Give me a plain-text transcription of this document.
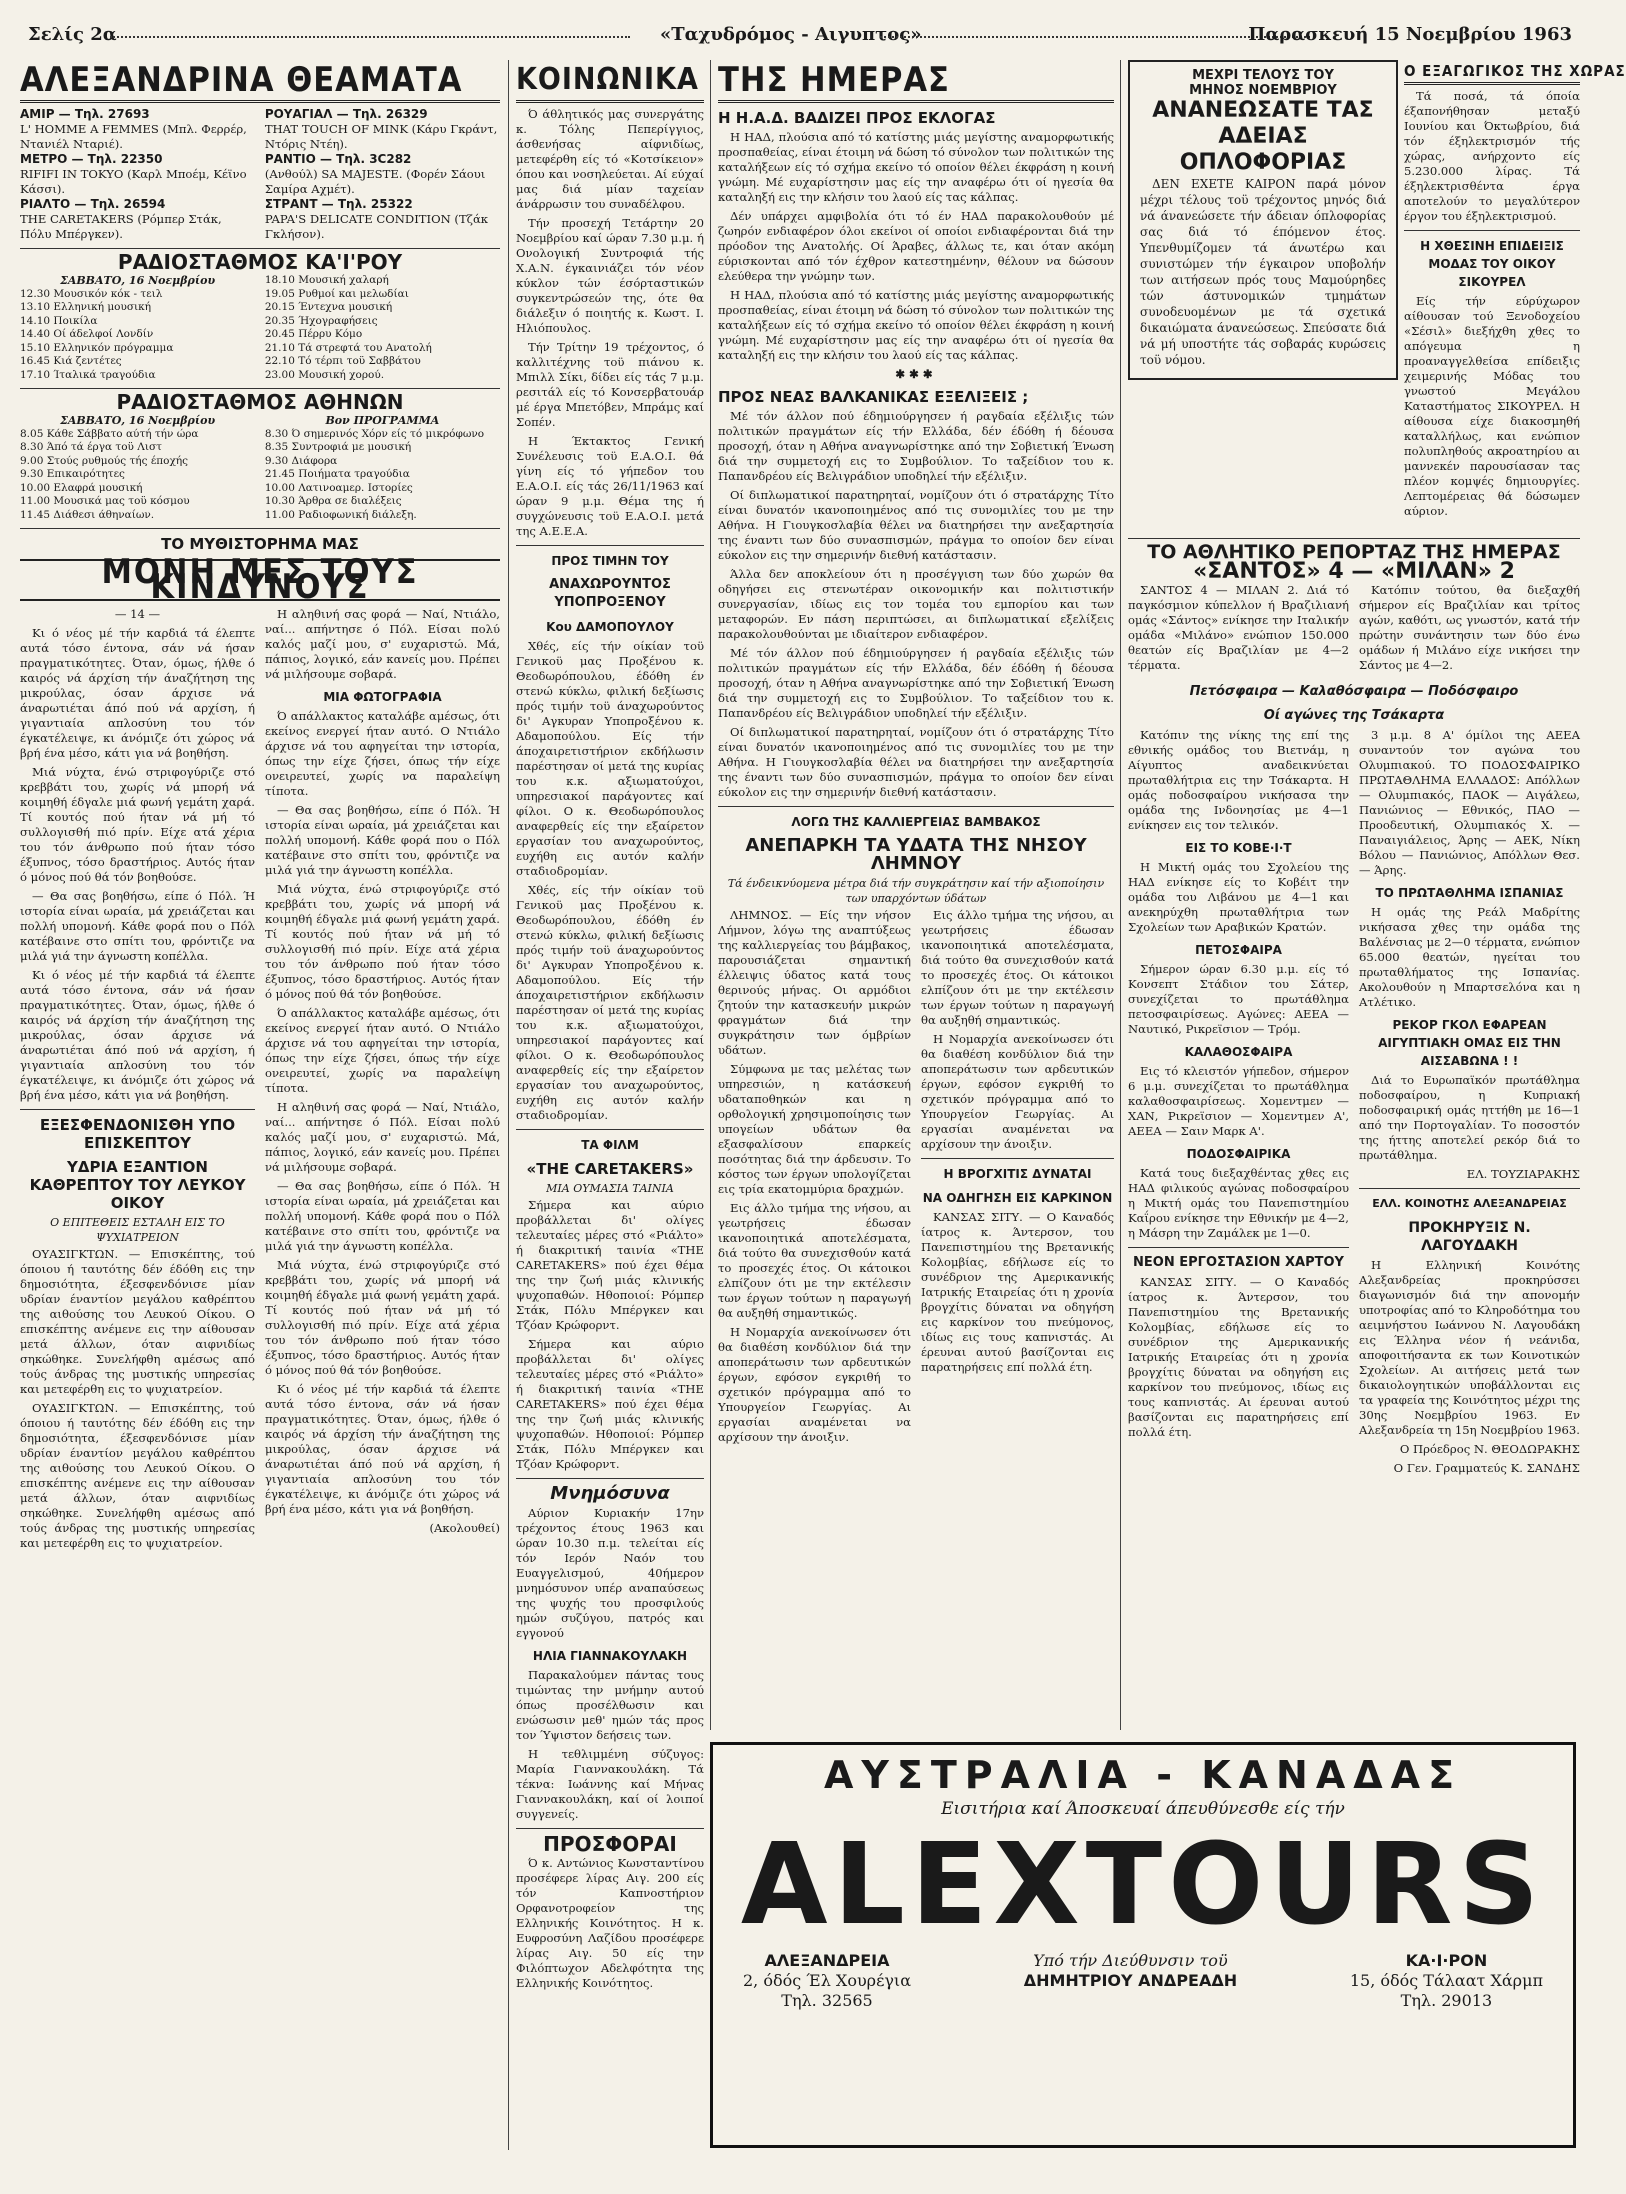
Σελίς 2α	«Ταχυδρόμος - Αιγυπτος»	Παρασκευή 15 Νοεμβρίου 1963
ΑΛΕΞΑΝΔΡΙΝΑ ΘΕΑΜΑΤΑ
ΑΜΙΡ — Τηλ. 27693
L' HOMME A FEMMES (Μπλ. Φερρέρ, Ντανιέλ Νταριέ).
ΜΕΤΡΟ — Τηλ. 22350
RIFIFI IN TOKYO (Καρλ Μποέμ, Κέϊνο Κάσσι).
ΡΙΑΛΤΟ — Τηλ. 26594
THE CARETAKERS (Ρόμπερ Στάκ, Πόλυ Μπέργκεν).
ΡΟΥΑΓΙΑΛ — Τηλ. 26329
THAT TOUCH OF MINK (Κάρυ Γκράντ, Ντόρις Ντέη).
ΡΑΝΤΙΟ — Τηλ. 3C282
(Ανθούλ) SA MAJESTE. (Φορέν Σάουι Σαμίρα Αχμέτ).
ΣΤΡΑΝΤ — Τηλ. 25322
PAPA'S DELICATE CONDITION (Τζάκ Γκλήσον).
ΡΑΔΙΟΣΤΑΘΜΟΣ ΚΑ'Ι'ΡΟΥ
ΣΑΒΒΑΤΟ, 16 Νοεμβρίου
12.30 Μουσικόν κόκ - τειλ
13.10 Ελληνική μουσική
14.10 Ποικίλα
14.40 Οί άδελφοί Λονδίν
15.10 Ελληνικόν πρόγραμμα
16.45 Κιά ζεντέτες
17.10 Ίταλικά τραγούδια
18.10 Μουσική χαλαρή
19.05 Ρυθμοί και μελωδίαι
20.15 Έντεχνα μουσική
20.35 Ήχογραφήσεις
20.45 Πέρρυ Κόμο
21.10 Τά στρεφτά του Ανατολή
22.10 Τό τέρπι τοϋ Σαββάτου
23.00 Μουσική χορού.
ΡΑΔΙΟΣΤΑΘΜΟΣ ΑΘΗΝΩΝ
ΣΑΒΒΑΤΟ, 16 Νοεμβρίου
8.05 Κάθε Σάββατο αύτή τήν ώρα
8.30 Άπό τά έργα τοϋ Λιστ
9.00 Στούς ρυθμούς τής έποχής
9.30 Επικαιρότητες
10.00 Ελαφρά μουσική
11.00 Μουσικά μας τοϋ κόσμου
11.45 Διάθεσι άθηναίων.
Βον ΠΡΟΓΡΑΜΜΑ
8.30 Ό σημερινός Χόρν είς τό μικρόφωνο
8.35 Συντροφιά με μουσική
9.30 Διάφορα
21.45 Ποιήματα τραγούδια
10.00 Λατινοαμερ. Ιστορίες
10.30 Άρθρα σε διαλέξεις
11.00 Ραδιοφωνική διάλεξη.
ΤΟ ΜΥΘΙΣΤΟΡΗΜΑ ΜΑΣ
ΜΟΝΗ ΜΕΣ ΤΟΥΣ ΚΙΝΔΥΝΟΥΣ

— 14 —

Κι ό νέος μέ τήν καρδιά τά έλεπτε αυτά τόσο έντονα, σάν νά ήσαν πραγματικότητες. Όταν, όμως, ήλθε ό καιρός νά άρχίση τήν άναζήτηση της μικρούλας, όσαν άρχισε νά άναρωτιέται άπό πού νά αρχίση, ή γιγαντιαία απλοσύνη του τόν έγκατέλειψε, κι άνόμιζε ότι χώρος νά βρή ένα μέσο, κάτι για νά βοηθήση.

Μιά νύχτα, ένώ στριφογύριζε στό κρεββάτι του, χωρίς νά μπορή νά κοιμηθή έδγαλε μιά φωνή γεμάτη χαρά. Τί κουτός πού ήταν νά μή τό συλλογισθή πιό πρίν. Είχε ατά χέρια του τόν άνθρωπο πού ήταν τόσο έξυπνος, τόσο δραστήριος. Αυτός ήταν ό μόνος πού θά τόν βοηθούσε.

— Θα σας βοηθήσω, είπε ό Πόλ. Ή ιστορία είναι ωραία, μά χρειάζεται και πολλή υπομονή. Κάθε φορά που ο Πόλ κατέβαινε στο σπίτι του, φρόντιζε να μιλά γιά την άγνωστη κοπέλλα.

Κι ό νέος μέ τήν καρδιά τά έλεπτε αυτά τόσο έντονα, σάν νά ήσαν πραγματικότητες. Όταν, όμως, ήλθε ό καιρός νά άρχίση τήν άναζήτηση της μικρούλας, όσαν άρχισε νά άναρωτιέται άπό πού νά αρχίση, ή γιγαντιαία απλοσύνη του τόν έγκατέλειψε, κι άνόμιζε ότι χώρος νά βρή ένα μέσο, κάτι για νά βοηθήση.

ΕΞΕΣΦΕΝΔΟΝΙΣΘΗ ΥΠΟ ΕΠΙΣΚΕΠΤΟΥ
ΥΔΡΙΑ ΕΞΑΝΤΙΟΝ ΚΑΘΡΕΠΤΟΥ ΤΟΥ ΛΕΥΚΟΥ ΟΙΚΟΥ
Ο ΕΠΙΤΕΘΕΙΣ ΕΣΤΑΛΗ ΕΙΣ ΤΟ ΨΥΧΙΑΤΡΕΙΟΝ

ΟΥΑΣΙΓΚΤΩΝ. — Επισκέπτης, τού όποιου ή ταυτότης δέν έδόθη εις την δημοσιότητα, έξεσφενδόνισε μίαν υδρίαν έναντίον μεγάλου καθρέπτου της αιθούσης του Λευκού Οίκου. Ο επισκέπτης ανέμενε εις την αίθουσαν μετά άλλων, όταν αιφνιδίως σηκώθηκε. Συνελήφθη αμέσως από τούς άνδρας της μυστικής υπηρεσίας και μετεφέρθη εις το ψυχιατρείον.

ΟΥΑΣΙΓΚΤΩΝ. — Επισκέπτης, τού όποιου ή ταυτότης δέν έδόθη εις την δημοσιότητα, έξεσφενδόνισε μίαν υδρίαν έναντίον μεγάλου καθρέπτου της αιθούσης του Λευκού Οίκου. Ο επισκέπτης ανέμενε εις την αίθουσαν μετά άλλων, όταν αιφνιδίως σηκώθηκε. Συνελήφθη αμέσως από τούς άνδρας της μυστικής υπηρεσίας και μετεφέρθη εις το ψυχιατρείον.

Η αληθινή σας φορά — Ναί, Ντιάλο, ναί... απήντησε ό Πόλ. Είσαι πολύ καλός μαζί μου, σ' ευχαριστώ. Μά, πάπιος, λογικό, εάν κανείς μου. Πρέπει νά μιλήσουμε σοβαρά.

ΜΙΑ ΦΩΤΟΓΡΑΦΙΑ

Ό απάλλακτος καταλάβε αμέσως, ότι εκείνος ενεργεί ήταν αυτό. Ο Ντιάλο άρχισε νά του αφηγείται την ιστορία, όπως την είχε ζήσει, όπως τήν είχε ονειρευτεί, χωρίς να παραλείψη τίποτα.

— Θα σας βοηθήσω, είπε ό Πόλ. Ή ιστορία είναι ωραία, μά χρειάζεται και πολλή υπομονή. Κάθε φορά που ο Πόλ κατέβαινε στο σπίτι του, φρόντιζε να μιλά γιά την άγνωστη κοπέλλα.

Μιά νύχτα, ένώ στριφογύριζε στό κρεββάτι του, χωρίς νά μπορή νά κοιμηθή έδγαλε μιά φωνή γεμάτη χαρά. Τί κουτός πού ήταν νά μή τό συλλογισθή πιό πρίν. Είχε ατά χέρια του τόν άνθρωπο πού ήταν τόσο έξυπνος, τόσο δραστήριος. Αυτός ήταν ό μόνος πού θά τόν βοηθούσε.

Ό απάλλακτος καταλάβε αμέσως, ότι εκείνος ενεργεί ήταν αυτό. Ο Ντιάλο άρχισε νά του αφηγείται την ιστορία, όπως την είχε ζήσει, όπως τήν είχε ονειρευτεί, χωρίς να παραλείψη τίποτα.

Η αληθινή σας φορά — Ναί, Ντιάλο, ναί... απήντησε ό Πόλ. Είσαι πολύ καλός μαζί μου, σ' ευχαριστώ. Μά, πάπιος, λογικό, εάν κανείς μου. Πρέπει νά μιλήσουμε σοβαρά.

— Θα σας βοηθήσω, είπε ό Πόλ. Ή ιστορία είναι ωραία, μά χρειάζεται και πολλή υπομονή. Κάθε φορά που ο Πόλ κατέβαινε στο σπίτι του, φρόντιζε να μιλά γιά την άγνωστη κοπέλλα.

Μιά νύχτα, ένώ στριφογύριζε στό κρεββάτι του, χωρίς νά μπορή νά κοιμηθή έδγαλε μιά φωνή γεμάτη χαρά. Τί κουτός πού ήταν νά μή τό συλλογισθή πιό πρίν. Είχε ατά χέρια του τόν άνθρωπο πού ήταν τόσο έξυπνος, τόσο δραστήριος. Αυτός ήταν ό μόνος πού θά τόν βοηθούσε.

Κι ό νέος μέ τήν καρδιά τά έλεπτε αυτά τόσο έντονα, σάν νά ήσαν πραγματικότητες. Όταν, όμως, ήλθε ό καιρός νά άρχίση τήν άναζήτηση της μικρούλας, όσαν άρχισε νά άναρωτιέται άπό πού νά αρχίση, ή γιγαντιαία απλοσύνη του τόν έγκατέλειψε, κι άνόμιζε ότι χώρος νά βρή ένα μέσο, κάτι για νά βοηθήση.

(Ακολουθεί)

ΚΟΙΝΩΝΙΚΑ

Ό άθλητικός μας συνεργάτης κ. Τόλης Πεπερίγγιος, άσθενήσας αίφνιδίως, μετεφέρθη είς τό «Κοτσίκειον» όπου και νοσηλεύεται. Αί εύχαί μας διά μίαν ταχείαν άνάρρωσιν του συναδέλφου.

Τήν προσεχή Τετάρτην 20 Νοεμβρίου καί ώραν 7.30 μ.μ. ή Ονολογική Συντροφιά τής Χ.Α.Ν. έγκαινιάζει τόν νέον κύκλον τών έσόρταστικών συγκεντρώσεών της, ότε θα διάλεξιν ό ποιητής κ. Κωστ. Ι. Ηλιόπουλος.

Τήν Τρίτην 19 τρέχοντος, ό καλλιτέχνης τοϋ πιάνου κ. Μπιλλ Σίκι, δίδει είς τάς 7 μ.μ. ρεσιτάλ είς τό Κονσερβατουάρ μέ έργα Μπετόβεν, Μπράμς καί Σοπέν.

Η Έκτακτος Γενική Συνέλευσις τοϋ Ε.Α.Ο.Ι. θά γίνη είς τό γήπεδον του Ε.Α.Ο.Ι. είς τάς 26/11/1963 καί ώραν 9 μ.μ. Θέμα της ή συγχώνευσις τοϋ Ε.Α.Ο.Ι. μετά της Α.Ε.Ε.Α.

ΠΡΟΣ ΤΙΜΗΝ ΤΟΥ
ΑΝΑΧΩΡΟΥΝΤΟΣ ΥΠΟΠΡΟΞΕΝΟΥ
Κου ΔΑΜΟΠΟΥΛΟΥ

Χθές, είς τήν οίκίαν τοϋ Γενικοϋ μας Προξένου κ. Θεοδωρόπουλου, έδόθη έν στενώ κύκλω, φιλική δεξίωσις πρός τιμήν τοϋ άναχωρούντος δι' Αγκυραν Υποπροξένου κ. Αδαμοπούλου. Είς τήν άποχαιρετιστήριον εκδήλωσιν παρέστησαν οί μετά της κυρίας του κ.κ. αξιωματούχοι, υπηρεσιακοί παράγοντες καί φίλοι. Ο κ. Θεοδωρόπουλος αναφερθείς είς την εξαίρετον εργασίαν του αναχωρούντος, ευχήθη εις αυτόν καλήν σταδιοδρομίαν.

Χθές, είς τήν οίκίαν τοϋ Γενικοϋ μας Προξένου κ. Θεοδωρόπουλου, έδόθη έν στενώ κύκλω, φιλική δεξίωσις πρός τιμήν τοϋ άναχωρούντος δι' Αγκυραν Υποπροξένου κ. Αδαμοπούλου. Είς τήν άποχαιρετιστήριον εκδήλωσιν παρέστησαν οί μετά της κυρίας του κ.κ. αξιωματούχοι, υπηρεσιακοί παράγοντες καί φίλοι. Ο κ. Θεοδωρόπουλος αναφερθείς είς την εξαίρετον εργασίαν του αναχωρούντος, ευχήθη εις αυτόν καλήν σταδιοδρομίαν.

ΤΑ ΦΙΛΜ
«THE CARETAKERS»
ΜΙΑ ΟΥΜΑΣΙΑ ΤΑΙΝΙΑ

Σήμερα και αύριο προβάλλεται δι' ολίγες τελευταίες μέρες στό «Ριάλτο» ή διακριτική ταινία «THE CARETAKERS» πού έχει θέμα της την ζωή μιάς κλινικής ψυχοπαθών. Ηθοποιοί: Ρόμπερ Στάκ, Πόλυ Μπέργκεν και Τζόαν Κρώφορντ.

Σήμερα και αύριο προβάλλεται δι' ολίγες τελευταίες μέρες στό «Ριάλτο» ή διακριτική ταινία «THE CARETAKERS» πού έχει θέμα της την ζωή μιάς κλινικής ψυχοπαθών. Ηθοποιοί: Ρόμπερ Στάκ, Πόλυ Μπέργκεν και Τζόαν Κρώφορντ.

Μνημόσυνα

Αύριον Κυριακήν 17ην τρέχοντος έτους 1963 και ώραν 10.30 π.μ. τελείται είς τόν Ιερόν Ναόν του Ευαγγελισμού, 40ήμερον μνημόσυνον υπέρ αναπαύσεως της ψυχής του προσφιλούς ημών συζύγου, πατρός και εγγονού

ΗΛΙΑ ΓΙΑΝΝΑΚΟΥΛΑΚΗ

Παρακαλούμεν πάντας τους τιμώντας την μνήμην αυτού όπως προσέλθωσιν και ενώσωσιν μεθ' ημών τάς προς τον Ύψιστον δεήσεις των.

Η τεθλιμμένη σύζυγος: Μαρία Γιαννακουλάκη. Τά τέκνα: Ιωάννης καί Μήνας Γιαννακουλάκη, καί οί λοιποί συγγενείς.

ΠΡΟΣΦΟΡΑΙ

Ό κ. Αντώνιος Κωνσταντίνου προσέφερε λίρας Αιγ. 200 είς τόν Καπνοστήριον Ορφανοτροφείον της Ελληνικής Κοινότητος. Η κ. Ευφροσύνη Λαζίδου προσέφερε λίρας Αιγ. 50 είς την Φιλόπτωχον Αδελφότητα της Ελληνικής Κοινότητος.

ΤΗΣ ΗΜΕΡΑΣ
Η Η.Α.Δ. ΒΑΔΙΖΕΙ ΠΡΟΣ ΕΚΛΟΓΑΣ

Η ΗΑΔ, πλούσια από τό κατίστης μιάς μεγίστης αναμορφωτικής προσπαθείας, είναι έτοιμη νά δώση τό σύνολον των πολιτικών της καταλήξεων είς τό σχήμα εκείνο τό οποίον θέλει έκφράση η κοινή γνώμη. Μέ ευχαρίστησιν μας είς την αναφέρω ότι οί ηγεσία θα καταληξή εις την κλήσιν του λαού είς τας κάλπας.

Δέν υπάρχει αμφιβολία ότι τό έν ΗΑΔ παρακολουθούν μέ ζωηρόν ενδιαφέρον όλοι εκείνοι οί οποίοι ενδιαφέρονται διά την πρόοδον της Ανατολής. Οί Άραβες, άλλως τε, και όταν ακόμη εύρισκονται από τόν έχθρον κατεστημένην, θέλουν να δώσουν ελεύθερα την γνώμην των.

Η ΗΑΔ, πλούσια από τό κατίστης μιάς μεγίστης αναμορφωτικής προσπαθείας, είναι έτοιμη νά δώση τό σύνολον των πολιτικών της καταλήξεων είς τό σχήμα εκείνο τό οποίον θέλει έκφράση η κοινή γνώμη. Μέ ευχαρίστησιν μας είς την αναφέρω ότι οί ηγεσία θα καταληξή εις την κλήσιν του λαού είς τας κάλπας.

✱✱✱
ΠΡΟΣ ΝΕΑΣ ΒΑΛΚΑΝΙΚΑΣ ΕΞΕΛΙΞΕΙΣ ;

Μέ τόν άλλον πού έδημιούργησεν ή ραγδαία εξέλιξις τών πολιτικών πραγμάτων είς τήν Ελλάδα, δέν έδόθη ή δέουσα προσοχή, όταν η Αθήνα αναγνωρίστηκε από την Σοβιετική Ένωση διά την συμμετοχή εις το Συμβούλιον. Το ταξείδιον του κ. Παπανδρέου είς Βελιγράδιον υποδηλεί τήν εξέλιξιν.

Οί διπλωματικοί παρατηρηταί, νομίζουν ότι ό στρατάρχης Τίτο είναι δυνατόν ικανοποιημένος από τις συνομιλίες του με την Αθήνα. Η Γιουγκοσλαβία θέλει να διατηρήσει την ανεξαρτησία της έναντι των δύο συνασπισμών, πράγμα το οποίον δεν είναι εύκολον εις την σημερινήν διεθνή κατάστασιν.

Άλλα δεν αποκλείουν ότι η προσέγγιση των δύο χωρών θα οδηγήσει εις στενωτέραν οικονομικήν και πολιτιστικήν συνεργασίαν, ιδίως εις τον τομέα του εμπορίου και των μεταφορών. Εν πάση περιπτώσει, αι διπλωματικαί εξελίξεις παρακολουθούνται με ιδιαίτερον ενδιαφέρον.

Μέ τόν άλλον πού έδημιούργησεν ή ραγδαία εξέλιξις τών πολιτικών πραγμάτων είς τήν Ελλάδα, δέν έδόθη ή δέουσα προσοχή, όταν η Αθήνα αναγνωρίστηκε από την Σοβιετική Ένωση διά την συμμετοχή εις το Συμβούλιον. Το ταξείδιον του κ. Παπανδρέου είς Βελιγράδιον υποδηλεί τήν εξέλιξιν.

Οί διπλωματικοί παρατηρηταί, νομίζουν ότι ό στρατάρχης Τίτο είναι δυνατόν ικανοποιημένος από τις συνομιλίες του με την Αθήνα. Η Γιουγκοσλαβία θέλει να διατηρήσει την ανεξαρτησία της έναντι των δύο συνασπισμών, πράγμα το οποίον δεν είναι εύκολον εις την σημερινήν διεθνή κατάστασιν.

ΛΟΓΩ ΤΗΣ ΚΑΛΛΙΕΡΓΕΙΑΣ ΒΑΜΒΑΚΟΣ
ΑΝΕΠΑΡΚΗ ΤΑ ΥΔΑΤΑ ΤΗΣ ΝΗΣΟΥ ΛΗΜΝΟΥ
Τά ένδεικνύομενα μέτρα διά τήν συγκράτησιν καί τήν αξιοποίησιν των υπαρχόντων ύδάτων

ΛΗΜΝΟΣ. — Είς την νήσον Λήμνον, λόγω της αναπτύξεως της καλλιεργείας του βάμβακος, παρουσιάζεται σημαντική έλλειψις ύδατος κατά τους θερινούς μήνας. Οι αρμόδιοι ζητούν την κατασκευήν μικρών φραγμάτων διά την συγκράτησιν των όμβρίων υδάτων.

Σύμφωνα με τας μελέτας των υπηρεσιών, η κατάσκευή υδαταποθηκών και η ορθολογική χρησιμοποίησις των υπογείων υδάτων θα εξασφαλίσουν επαρκείς ποσότητας διά την άρδευσιν. Το κόστος των έργων υπολογίζεται εις τρία εκατομμύρια δραχμών.

Εις άλλο τμήμα της νήσου, αι γεωτρήσεις έδωσαν ικανοποιητικά αποτελέσματα, διά τούτο θα συνεχισθούν κατά το προσεχές έτος. Οι κάτοικοι ελπίζουν ότι με την εκτέλεσιν των έργων τούτων η παραγωγή θα αυξηθή σημαντικώς.

Η Νομαρχία ανεκοίνωσεν ότι θα διαθέση κονδύλιον διά την αποπεράτωσιν των αρδευτικών έργων, εφόσον εγκριθή το σχετικόν πρόγραμμα από το Υπουργείον Γεωργίας. Αι εργασίαι αναμένεται να αρχίσουν την άνοιξιν.

Εις άλλο τμήμα της νήσου, αι γεωτρήσεις έδωσαν ικανοποιητικά αποτελέσματα, διά τούτο θα συνεχισθούν κατά το προσεχές έτος. Οι κάτοικοι ελπίζουν ότι με την εκτέλεσιν των έργων τούτων η παραγωγή θα αυξηθή σημαντικώς.

Η Νομαρχία ανεκοίνωσεν ότι θα διαθέση κονδύλιον διά την αποπεράτωσιν των αρδευτικών έργων, εφόσον εγκριθή το σχετικόν πρόγραμμα από το Υπουργείον Γεωργίας. Αι εργασίαι αναμένεται να αρχίσουν την άνοιξιν.

Η ΒΡΟΓΧΙΤΙΣ ΔΥΝΑΤΑΙ
ΝΑ ΟΔΗΓΗΣΗ ΕΙΣ ΚΑΡΚΙΝΟΝ

ΚΑΝΣΑΣ ΣΙΤΥ. — Ο Καναδός ίατρος κ. Άντερσον, του Πανεπιστημίου της Βρετανικής Κολομβίας, εδήλωσε είς το συνέδριον της Αμερικανικής Ιατρικής Εταιρείας ότι η χρονία βρογχίτις δύναται να οδηγήση εις καρκίνον του πνεύμονος, ιδίως εις τους καπνιστάς. Αι έρευναι αυτού βασίζονται εις παρατηρήσεις επί πολλά έτη.

ΜΕΧΡΙ ΤΕΛΟΥΣ ΤΟΥ
ΜΗΝΟΣ ΝΟΕΜΒΡΙΟΥ
ΑΝΑΝΕΩΣΑΤΕ ΤΑΣ ΑΔΕΙΑΣ ΟΠΛΟΦΟΡΙΑΣ

ΔΕΝ ΕΧΕΤΕ ΚΑΙΡΟΝ παρά μόνον μέχρι τέλους τοϋ τρέχοντος μηνός διά νά άνανεώσετε τήν άδειαν όπλοφορίας σας διά τό έπόμενον έτος. Υπενθυμίζομεν τά άνωτέρω και συνιστώμεν τήν έγκαιρον υποβολήν των αιτήσεων πρός τους Μαμούρηδες τών άστυνομικών τμημάτων συνοδευομένων με τά σχετικά δικαιώματα άνανεώσεως. Σπεύσατε διά νά μή υποστήτε τάς σοβαράς κυρώσεις τοϋ νόμου.

Ο ΕΞΑΓΩΓΙΚΟΣ ΤΗΣ ΧΩΡΑΣ

Τά ποσά, τά όποία έξαπονήθησαν μεταξύ Ιουνίου και Όκτωβρίου, διά τόν έξηλεκτρισμόν τής χώρας, ανήρχοντο είς 5.230.000 λίρας. Τά έξηλεκτρισθέντα έργα αποτελούν το μεγαλύτερον έργον του έξηλεκτρισμού.

Η ΧΘΕΣΙΝΗ ΕΠΙΔΕΙΞΙΣ ΜΟΔΑΣ ΤΟΥ ΟΙΚΟΥ ΣΙΚΟΥΡΕΛ

Είς τήν εύρύχωρον αίθουσαν τού Ξενοδοχείου «Σέσιλ» διεξήχθη χθες το απόγευμα η προαναγγελθείσα επίδειξις χειμερινής Μόδας του γνωστού Μεγάλου Καταστήματος ΣΙΚΟΥΡΕΛ. Η αίθουσα είχε διακοσμηθή καταλλήλως, και ενώπιον πολυπληθούς ακροατηρίου αι μαννεκέν παρουσίασαν τας πλέον κομψές δημιουργίες. Λεπτομέρειας θά δώσωμεν αύριον.

ΤΟ ΑΘΛΗΤΙΚΟ ΡΕΠΟΡΤΑΖ ΤΗΣ ΗΜΕΡΑΣ
«ΣΑΝΤΟΣ» 4 — «ΜΙΛΑΝ» 2

ΣΑΝΤΟΣ 4 — ΜΙΛΑΝ 2. Διά τό παγκόσμιον κύπελλον ή Βραζιλιανή ομάς «Σάντος» ενίκησε την Ιταλικήν ομάδα «Μιλάνο» ενώπιον 150.000 θεατών είς Βραζιλίαν με 4—2 τέρματα.

Κατόπιν τούτου, θα διεξαχθή σήμερον είς Βραζιλίαν και τρίτος αγών, καθότι, ως γνωστόν, κατά τήν πρώτην συνάντησιν των δύο ένω ομάδων ή Μιλάνο είχε νικήσει την Σάντος με 4—2.

Πετόσφαιρα — Καλαθόσφαιρα — Ποδόσφαιρο
Οί αγώνες της Τσάκαρτα

Κατόπιν της νίκης της επί της εθνικής ομάδος του Βιετνάμ, η Αίγυπτος αναδεικνύεται πρωταθλήτρια εις την Τσάκαρτα. Η ομάς ποδοσφαίρου νικήσασα την ομάδα της Ινδονησίας με 4—1 ενίκησεν εις τον τελικόν.

ΕΙΣ ΤΟ ΚΟΒΕ·Ι·Τ

Η Μικτή ομάς του Σχολείου της ΗΑΔ ενίκησε είς το Κοβέιτ την ομάδα του Λιβάνου με 4—1 και ανεκηρύχθη πρωταθλήτρια των Σχολείων των Αραβικών Κρατών.

ΠΕΤΟΣΦΑΙΡΑ

Σήμερον ώραν 6.30 μ.μ. είς τό Κονσεπτ Στάδιον του Σάτερ, συνεχίζεται το πρωτάθλημα πετοσφαιρίσεως. Αγώνες: ΑΕΕΑ — Ναυτικό, Ρικρεϊσιον — Τρόμ.

ΚΑΛΑΘΟΣΦΑΙΡΑ

Εις τό κλειστόν γήπεδον, σήμερον 6 μ.μ. συνεχίζεται το πρωτάθλημα καλαθοσφαιρίσεως. Χομεντμεν — ΧΑΝ, Ρικρεϊσιον — Χομεντμεν Α', ΑΕΕΑ — Σαιν Μαρκ Α'.

ΠΟΔΟΣΦΑΙΡΙΚΑ

Κατά τους διεξαχθέντας χθες εις ΗΑΔ φιλικούς αγώνας ποδοσφαίρου η Μικτή ομάς του Πανεπιστημίου Καΐρου ενίκησε την Εθνικήν με 4—2, η Μάσρη την Ζαμάλεκ με 1—0.

ΝΕΟΝ ΕΡΓΟΣΤΑΣΙΟΝ ΧΑΡΤΟΥ

ΚΑΝΣΑΣ ΣΙΤΥ. — Ο Καναδός ίατρος κ. Άντερσον, του Πανεπιστημίου της Βρετανικής Κολομβίας, εδήλωσε είς το συνέδριον της Αμερικανικής Ιατρικής Εταιρείας ότι η χρονία βρογχίτις δύναται να οδηγήση εις καρκίνον του πνεύμονος, ιδίως εις τους καπνιστάς. Αι έρευναι αυτού βασίζονται εις παρατηρήσεις επί πολλά έτη.

3 μ.μ. 8 Α' όμίλοι της ΑΕΕΑ συναντούν τον αγώνα του Ολυμπιακού. ΤΟ ΠΟΔΟΣΦΑΙΡΙΚΟ ΠΡΩΤΑΘΛΗΜΑ ΕΛΛΑΔΟΣ: Απόλλων — Ολυμπιακός, ΠΑΟΚ — Αιγάλεω, Πανιώνιος — Εθνικός, ΠΑΟ — Προοδευτική, Ολυμπιακός Χ. — Παναιγιάλειος, Άρης — ΑΕΚ, Νίκη Βόλου — Πανιώνιος, Απόλλων Θεσ. — Άρης.

ΤΟ ΠΡΩΤΑΘΛΗΜΑ ΙΣΠΑΝΙΑΣ

Η ομάς της Ρεάλ Μαδρίτης νικήσασα χθες την ομάδα της Βαλένσιας με 2—0 τέρματα, ενώπιον 65.000 θεατών, ηγείται του πρωταθλήματος της Ισπανίας. Ακολουθούν η Μπαρτσελόνα και η Ατλέτικο.

ΡΕΚΟΡ ΓΚΟΛ ΕΦΑΡΕΑΝ ΑΙΓΥΠΤΙΑΚΗ ΟΜΑΣ ΕΙΣ ΤΗΝ ΑΙΣΣΑΒΩΝΑ ! !

Διά το Ευρωπαϊκόν πρωτάθλημα ποδοσφαίρου, η Κυπριακή ποδοσφαιρική ομάς ηττήθη με 16—1 από την Πορτογαλίαν. Το ποσοστόν της ήττης αποτελεί ρεκόρ διά το πρωτάθλημα.

ΕΛ. ΤΟΥΖΙΑΡΑΚΗΣ

ΕΛΛ. ΚΟΙΝΟΤΗΣ ΑΛΕΞΑΝΔΡΕΙΑΣ
ΠΡΟΚΗΡΥΞΙΣ Ν. ΛΑΓΟΥΔΑΚΗ

Η Ελληνική Κοινότης Αλεξανδρείας προκηρύσσει διαγωνισμόν διά την απονομήν υποτροφίας από το Κληροδότημα του αειμνήστου Ιωάννου Ν. Λαγουδάκη εις Έλληνα νέον ή νεάνιδα, αποφοιτήσαντα εκ των Κοινοτικών Σχολείων. Αι αιτήσεις μετά των δικαιολογητικών υποβάλλονται εις τα γραφεία της Κοινότητος μέχρι της 30ης Νοεμβρίου 1963. Εν Αλεξανδρεία τη 15η Νοεμβρίου 1963.

Ο Πρόεδρος Ν. ΘΕΟΔΩΡΑΚΗΣ

Ο Γεν. Γραμματεύς Κ. ΣΑΝΔΗΣ

ΑΥΣΤΡΑΛΙΑ - ΚΑΝΑΔΑΣ
Εισιτήρια καί Άποσκευαί άπευθύνεσθε είς τήν
ALEXTOURS
ΑΛΕΞΑΝΔΡΕΙΑ
2, όδός Έλ Χουρέγια
Τηλ. 32565
Υπό τήν Διεύθυνσιν τοϋ
ΔΗΜΗΤΡΙΟΥ ΑΝΔΡΕΑΔΗ
ΚΑ·Ι·ΡΟΝ
15, όδός Τάλαατ Χάρμπ
Τηλ. 29013
